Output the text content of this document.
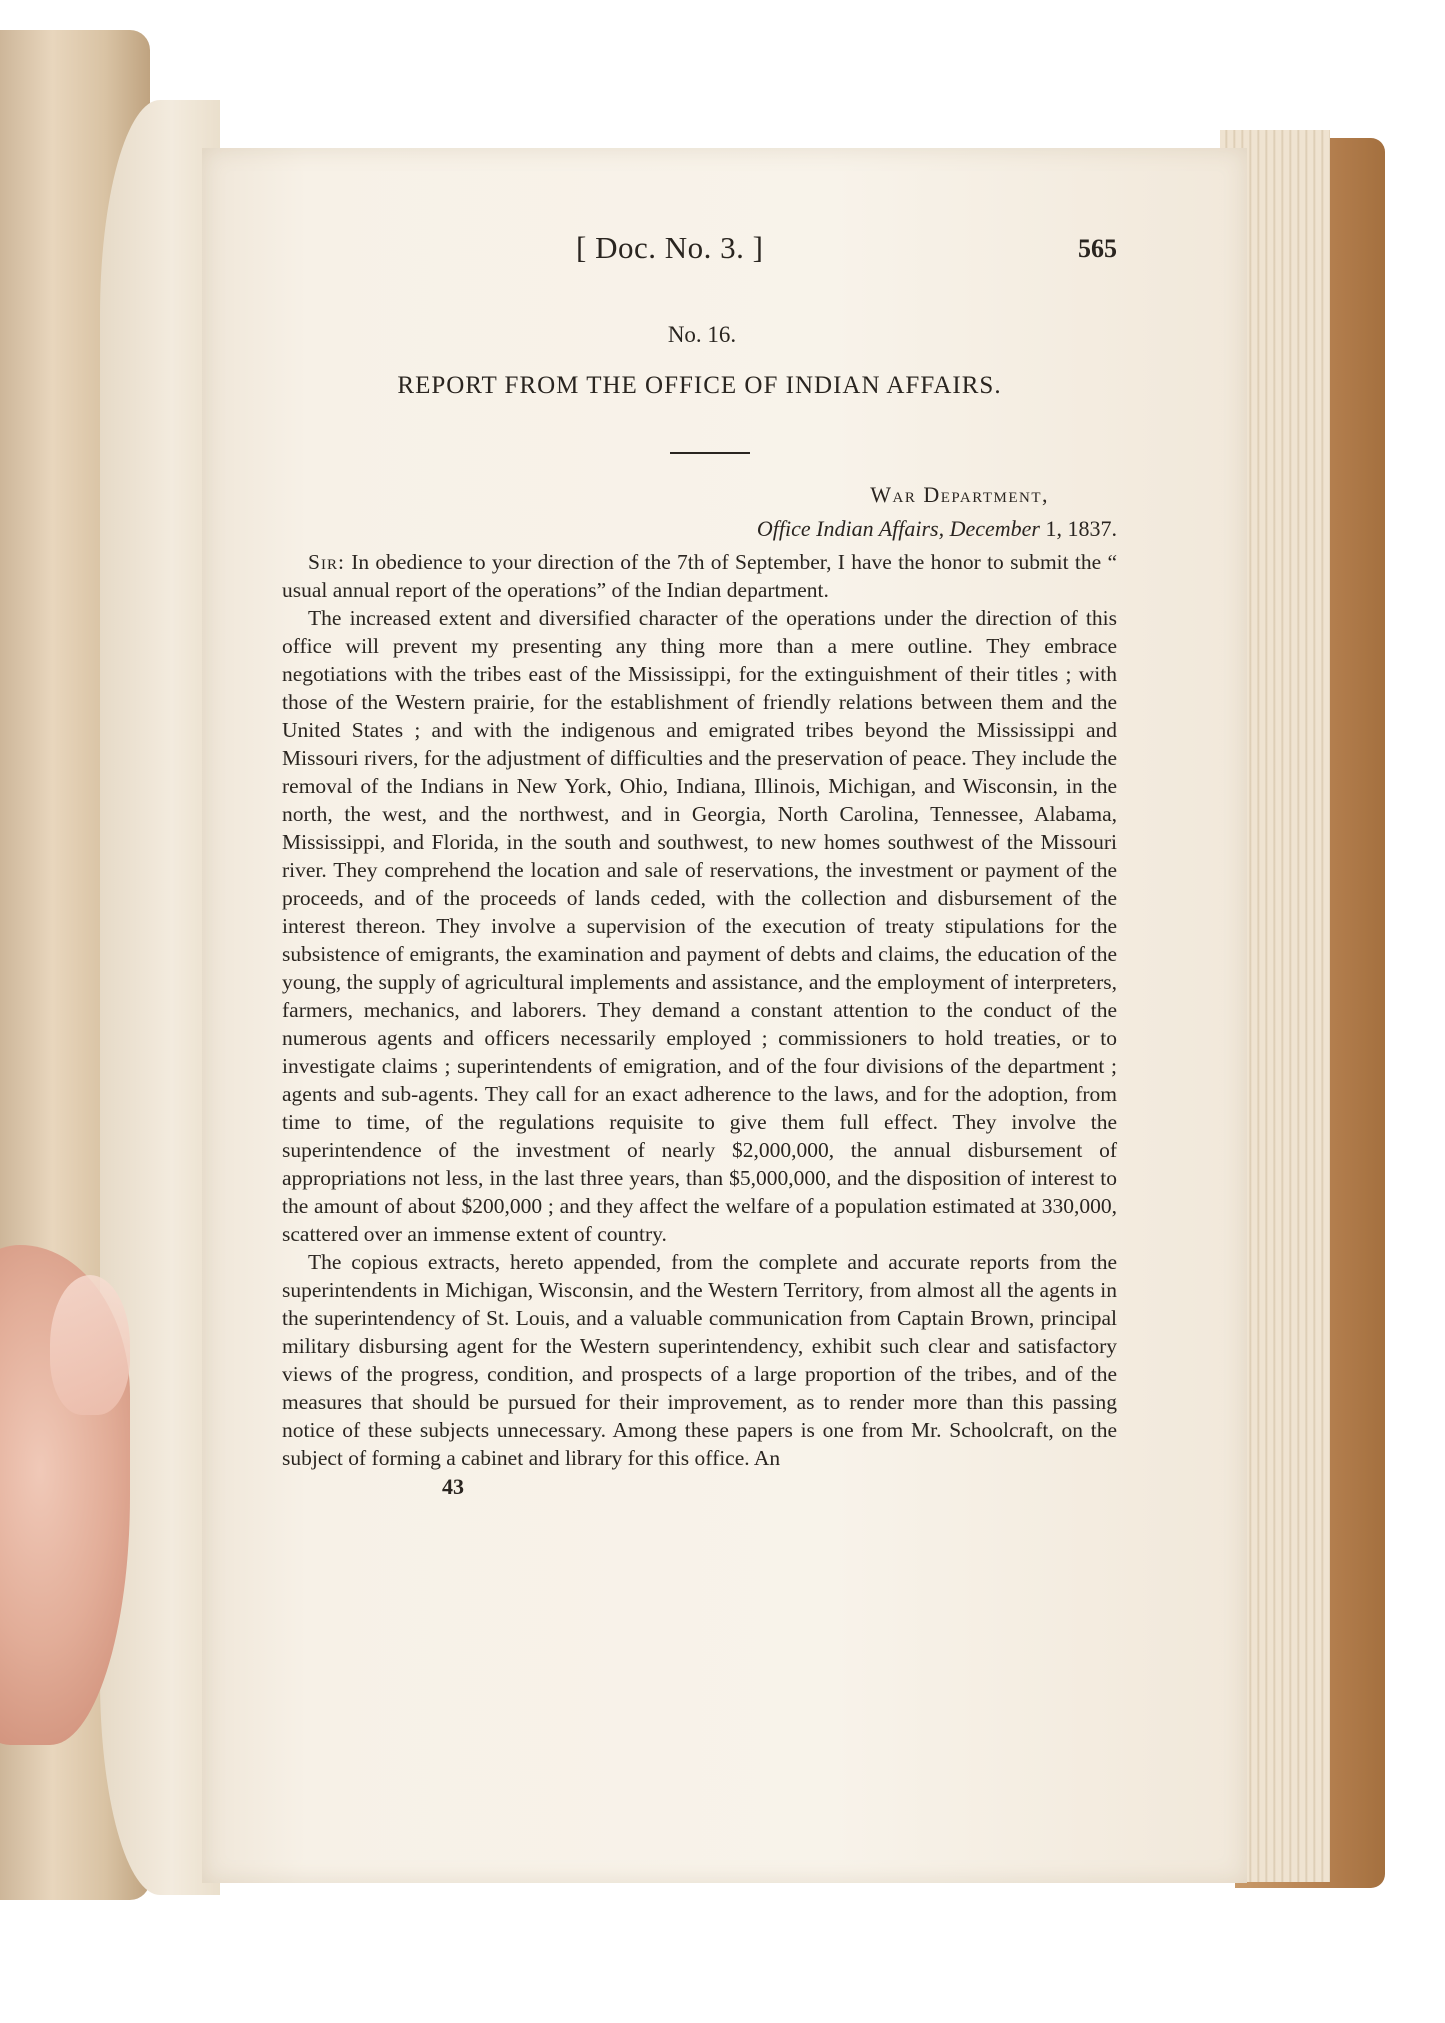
[ Doc. No. 3. ]	565
No. 16.
REPORT FROM THE OFFICE OF INDIAN AFFAIRS.
War Department,
Office Indian Affairs, December 1, 1837.

Sir: In obedience to your direction of the 7th of September, I have the honor to submit the “ usual annual report of the operations” of the Indian department.

The increased extent and diversified character of the operations under the direction of this office will prevent my presenting any thing more than a mere outline. They embrace negotiations with the tribes east of the Mississippi, for the extinguishment of their titles ; with those of the Western prairie, for the establishment of friendly relations between them and the United States ; and with the indigenous and emigrated tribes beyond the Mississippi and Missouri rivers, for the adjustment of difficulties and the preservation of peace. They include the removal of the Indians in New York, Ohio, Indiana, Illinois, Michigan, and Wisconsin, in the north, the west, and the northwest, and in Georgia, North Carolina, Tennessee, Alabama, Mississippi, and Florida, in the south and southwest, to new homes southwest of the Missouri river. They comprehend the location and sale of reservations, the investment or payment of the proceeds, and of the proceeds of lands ceded, with the collection and disbursement of the interest thereon. They involve a supervision of the execution of treaty stipulations for the subsistence of emigrants, the examination and payment of debts and claims, the education of the young, the supply of agricultural implements and assistance, and the employment of interpreters, farmers, mechanics, and laborers. They demand a constant attention to the conduct of the numerous agents and officers necessarily employed ; commissioners to hold treaties, or to investigate claims ; superintendents of emigration, and of the four divisions of the department ; agents and sub-agents. They call for an exact adherence to the laws, and for the adoption, from time to time, of the regulations requisite to give them full effect. They involve the superintendence of the investment of nearly $2,000,000, the annual disbursement of appropriations not less, in the last three years, than $5,000,000, and the disposition of interest to the amount of about $200,000 ; and they affect the welfare of a population estimated at 330,000, scattered over an immense extent of country.

The copious extracts, hereto appended, from the complete and accurate reports from the superintendents in Michigan, Wisconsin, and the Western Territory, from almost all the agents in the superintendency of St. Louis, and a valuable communication from Captain Brown, principal military disbursing agent for the Western superintendency, exhibit such clear and satisfactory views of the progress, condition, and prospects of a large proportion of the tribes, and of the measures that should be pursued for their improvement, as to render more than this passing notice of these subjects unnecessary. Among these papers is one from Mr. Schoolcraft, on the subject of forming a cabinet and library for this office. An

43
